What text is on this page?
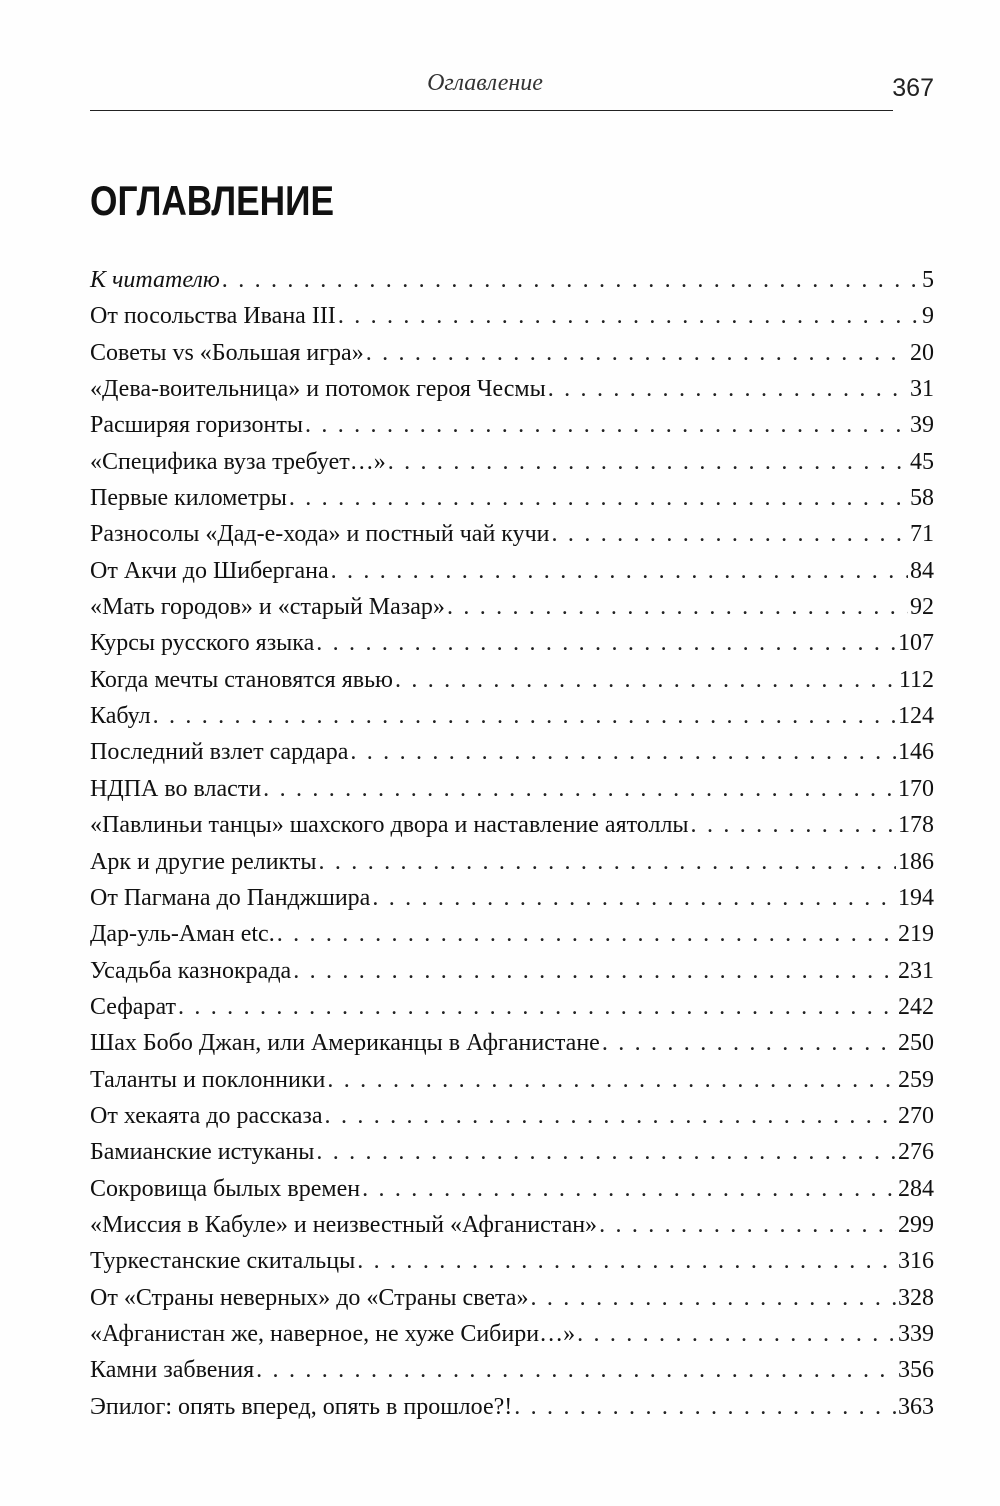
Оглавление	367
ОГЛАВЛЕНИЕ
К читателю . . .	5
От посольства Ивана III . . .	9
Советы vs «Большая игра» . . .	20
«Дева-воительница» и потомок героя Чесмы . . .	31
Расширяя горизонты . . .	39
«Специфика вуза требует…» . . .	45
Первые километры . . .	58
Разносолы «Дад-е-хода» и постный чай кучи . . .	71
От Акчи до Шибергана . . .	84
«Мать городов» и «старый Мазар» . . .	92
Курсы русского языка . . .	107
Когда мечты становятся явью . . .	112
Кабул . . .	124
Последний взлет сардара . . .	146
НДПА во власти . . .	170
«Павлиньи танцы» шахского двора и наставление аятоллы . . .	178
Арк и другие реликты . . .	186
От Пагмана до Панджшира . . .	194
Дар-уль-Аман etc. . . .	219
Усадьба казнокрада . . .	231
Сефарат . . .	242
Шах Бобо Джан, или Американцы в Афганистане . . .	250
Таланты и поклонники . . .	259
От хекаята до рассказа . . .	270
Бамианские истуканы . . .	276
Сокровища былых времен . . .	284
«Миссия в Кабуле» и неизвестный «Афганистан» . . .	299
Туркестанские скитальцы . . .	316
От «Страны неверных» до «Страны света» . . .	328
«Афганистан же, наверное, не хуже Сибири…» . . .	339
Камни забвения . . .	356
Эпилог: опять вперед, опять в прошлое?! . . .	363
